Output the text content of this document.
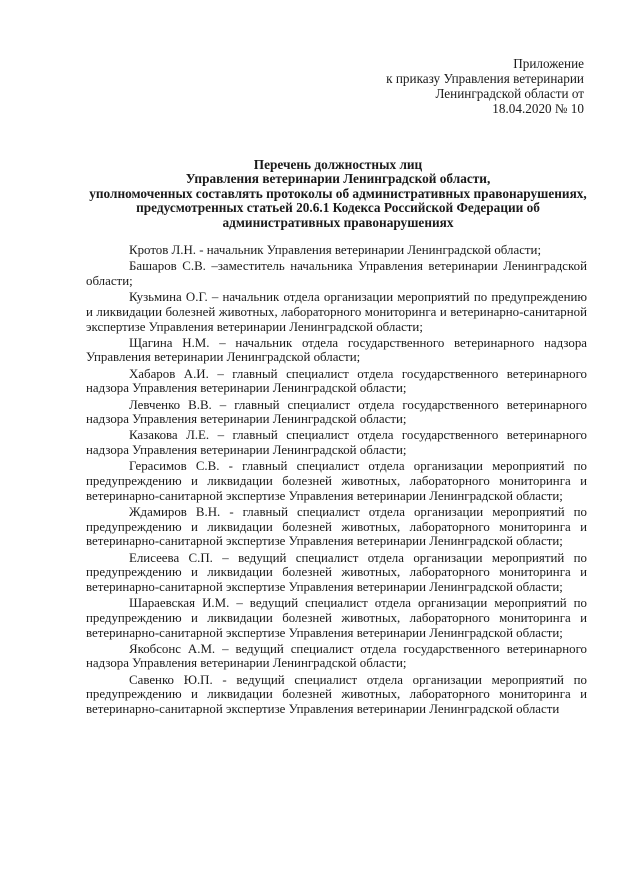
Приложение
к приказу Управления ветеринарии
Ленинградской области от
18.04.2020 № 10
Перечень должностных лиц
Управления ветеринарии Ленинградской области,
уполномоченных составлять протоколы об административных правонарушениях,
предусмотренных статьей 20.6.1 Кодекса Российской Федерации об
административных правонарушениях

Кротов Л.Н. - начальник Управления ветеринарии Ленинградской области;

Башаров С.В. –заместитель начальника Управления ветеринарии Ленинградской области;

Кузьмина О.Г. – начальник отдела организации мероприятий по предупреждению и ликвидации болезней животных, лабораторного мониторинга и ветеринарно-санитарной экспертизе Управления ветеринарии Ленинградской области;

Щагина Н.М. – начальник отдела государственного ветеринарного надзора Управления ветеринарии Ленинградской области;

Хабаров А.И. – главный специалист отдела государственного ветеринарного надзора Управления ветеринарии Ленинградской области;

Левченко В.В. – главный специалист отдела государственного ветеринарного надзора Управления ветеринарии Ленинградской области;

Казакова Л.Е. – главный специалист отдела государственного ветеринарного надзора Управления ветеринарии Ленинградской области;

Герасимов С.В. - главный специалист отдела организации мероприятий по предупреждению и ликвидации болезней животных, лабораторного мониторинга и ветеринарно-санитарной экспертизе Управления ветеринарии Ленинградской области;

Ждамиров В.Н. - главный специалист отдела организации мероприятий по предупреждению и ликвидации болезней животных, лабораторного мониторинга и ветеринарно-санитарной экспертизе Управления ветеринарии Ленинградской области;

Елисеева С.П. – ведущий специалист отдела организации мероприятий по предупреждению и ликвидации болезней животных, лабораторного мониторинга и ветеринарно-санитарной экспертизе Управления ветеринарии Ленинградской области;

Шараевская И.М. – ведущий специалист отдела организации мероприятий по предупреждению и ликвидации болезней животных, лабораторного мониторинга и ветеринарно-санитарной экспертизе Управления ветеринарии Ленинградской области;

Якобсонс А.М. – ведущий специалист отдела государственного ветеринарного надзора Управления ветеринарии Ленинградской области;

Савенко Ю.П. - ведущий специалист отдела организации мероприятий по предупреждению и ликвидации болезней животных, лабораторного мониторинга и ветеринарно-санитарной экспертизе Управления ветеринарии Ленинградской области
